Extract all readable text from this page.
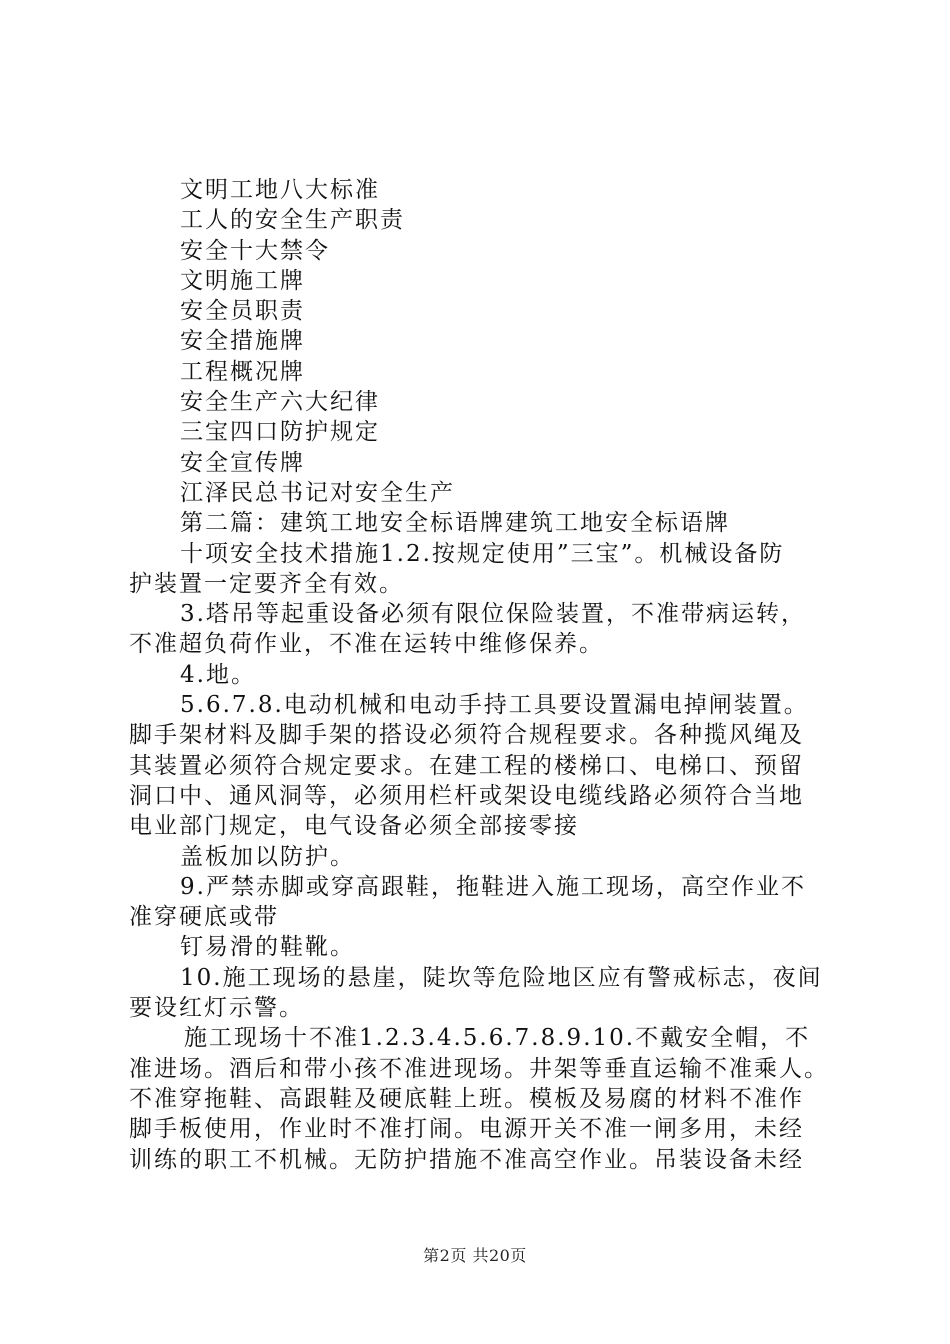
文明工地八大标准
工人的安全生产职责
安全十大禁令
文明施工牌
安全员职责
安全措施牌
工程概况牌
安全生产六大纪律
三宝四口防护规定
安全宣传牌
江泽民总书记对安全生产
第二篇：建筑工地安全标语牌建筑工地安全标语牌
十项安全技术措施1.2.按规定使用”三宝”。机械设备防
护装置一定要齐全有效。
3.塔吊等起重设备必须有限位保险装置，不准带病运转，
不准超负荷作业，不准在运转中维修保养。
4.地。
5.6.7.8.电动机械和电动手持工具要设置漏电掉闸装置。
脚手架材料及脚手架的搭设必须符合规程要求。各种揽风绳及
其装置必须符合规定要求。在建工程的楼梯口、电梯口、预留
洞口中、通风洞等，必须用栏杆或架设电缆线路必须符合当地
电业部门规定，电气设备必须全部接零接
盖板加以防护。
9.严禁赤脚或穿高跟鞋，拖鞋进入施工现场，高空作业不
准穿硬底或带
钉易滑的鞋靴。
10.施工现场的悬崖，陡坎等危险地区应有警戒标志，夜间
要设红灯示警。
施工现场十不准1.2.3.4.5.6.7.8.9.10.不戴安全帽，不
准进场。酒后和带小孩不准进现场。井架等垂直运输不准乘人。
不准穿拖鞋、高跟鞋及硬底鞋上班。模板及易腐的材料不准作
脚手板使用，作业时不准打闹。电源开关不准一闸多用，未经
训练的职工不机械。无防护措施不准高空作业。吊装设备未经
第2页 共20页
